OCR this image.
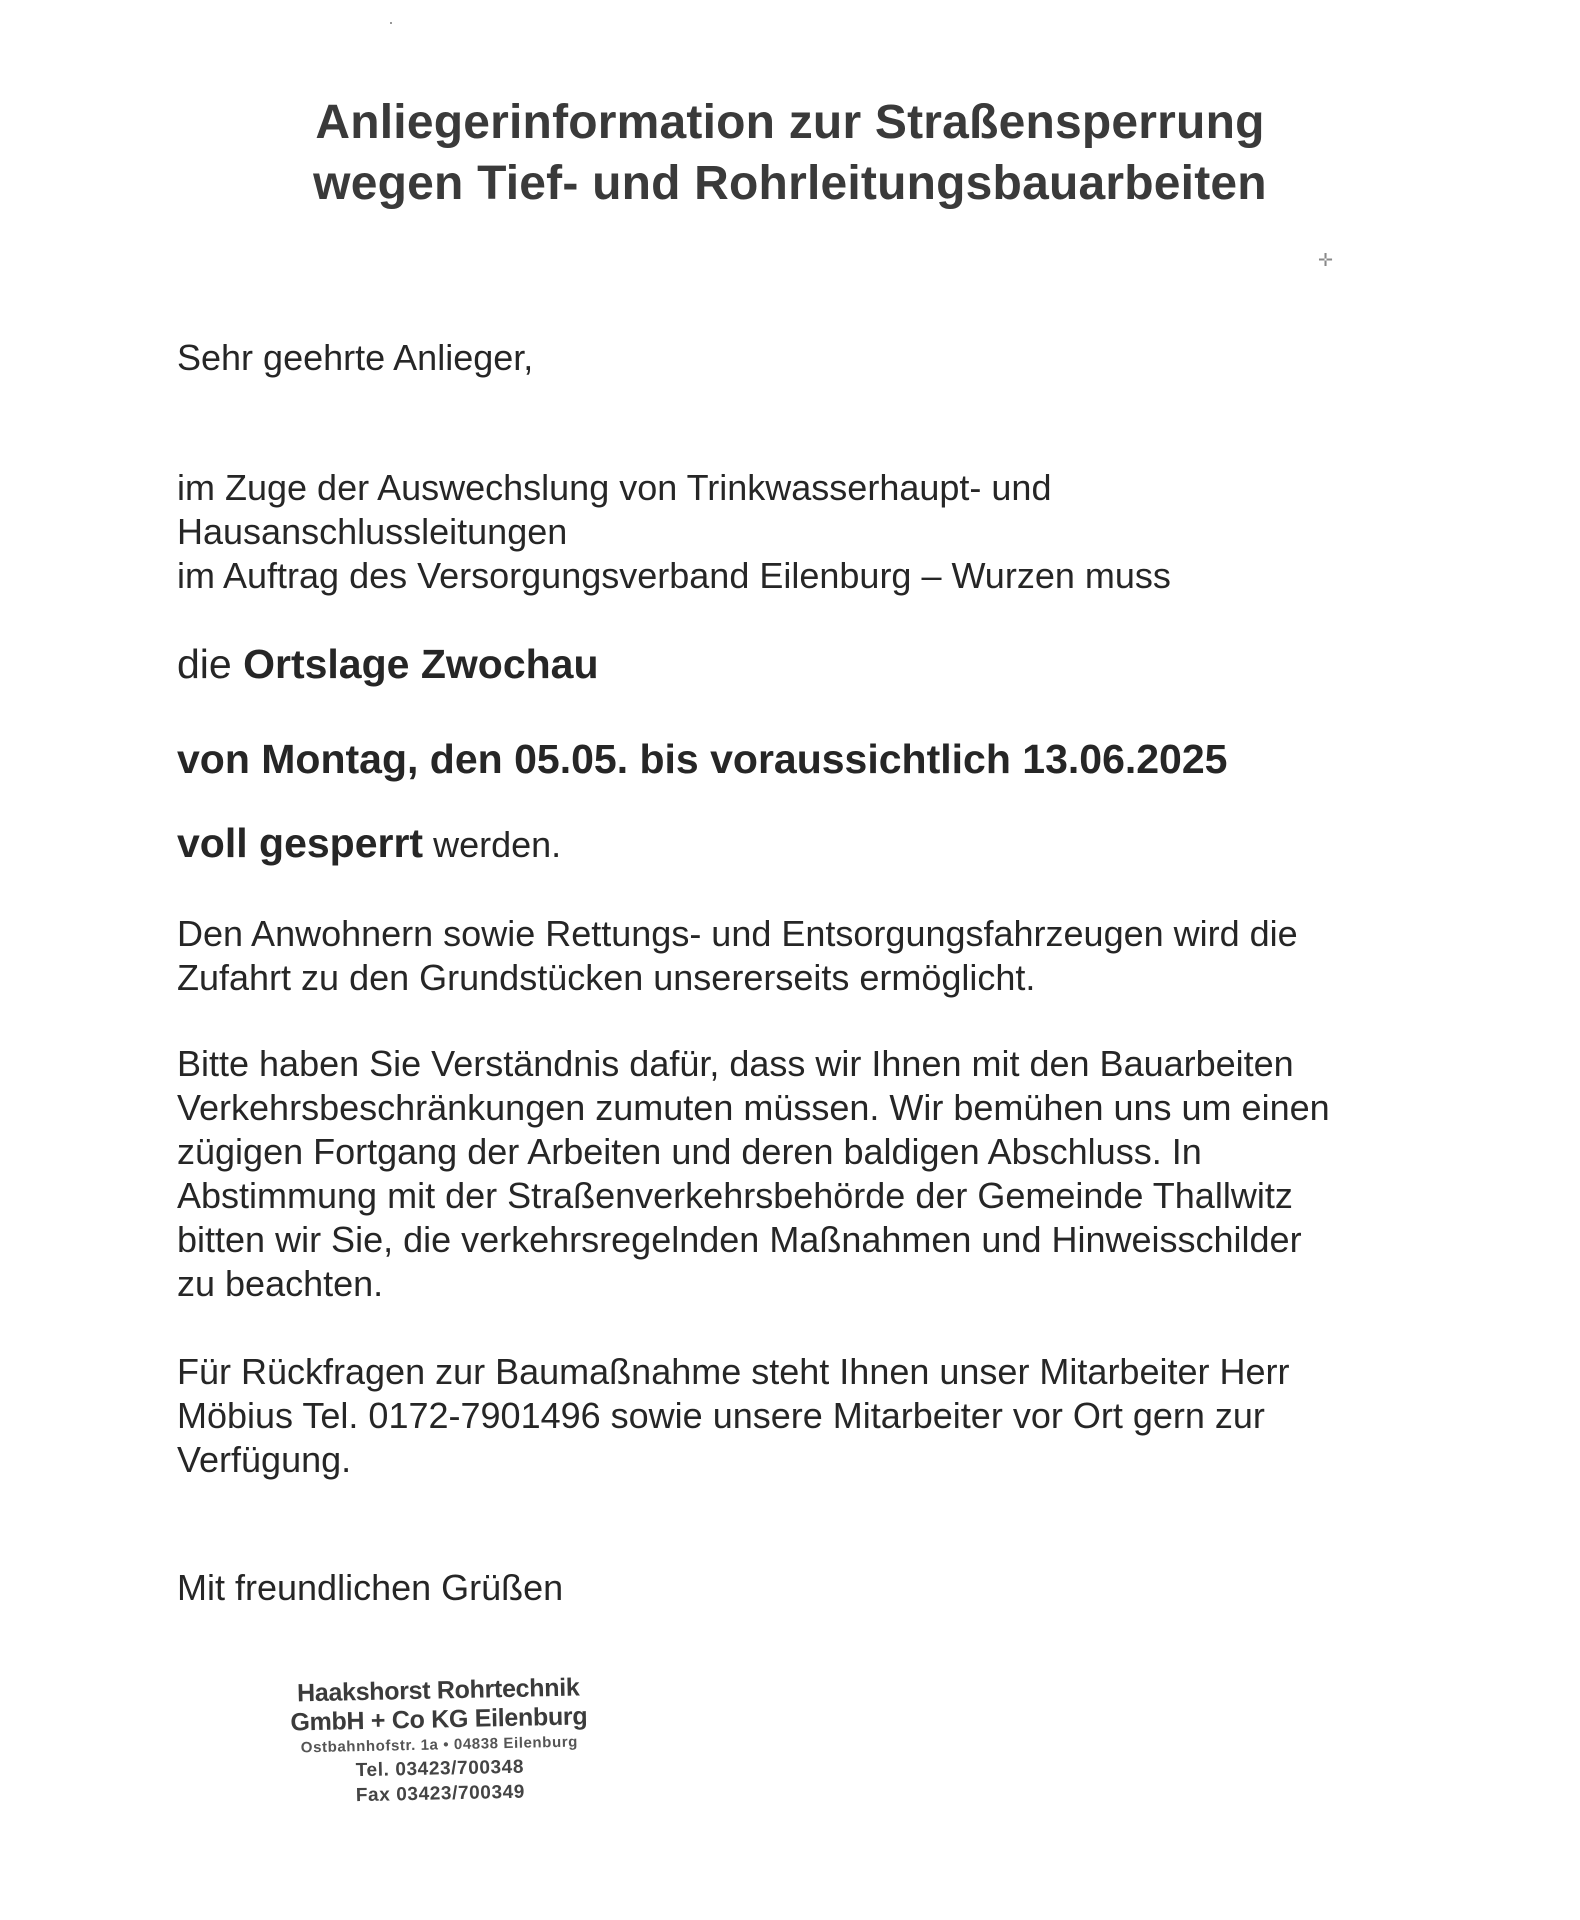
·
✛
Anliegerinformation zur Straßensperrung
wegen Tief- und Rohrleitungsbauarbeiten

Sehr geehrte Anlieger,

im Zuge der Auswechslung von Trinkwasserhaupt- und
Hausanschlussleitungen
im Auftrag des Versorgungsverband Eilenburg – Wurzen muss

die Ortslage Zwochau

von Montag, den 05.05. bis voraussichtlich 13.06.2025

voll gesperrt werden.

Den Anwohnern sowie Rettungs- und Entsorgungsfahrzeugen wird die
Zufahrt zu den Grundstücken unsererseits ermöglicht.

Bitte haben Sie Verständnis dafür, dass wir Ihnen mit den Bauarbeiten
Verkehrsbeschränkungen zumuten müssen. Wir bemühen uns um einen
zügigen Fortgang der Arbeiten und deren baldigen Abschluss. In
Abstimmung mit der Straßenverkehrsbehörde der Gemeinde Thallwitz
bitten wir Sie, die verkehrsregelnden Maßnahmen und Hinweisschilder
zu beachten.

Für Rückfragen zur Baumaßnahme steht Ihnen unser Mitarbeiter Herr
Möbius Tel. 0172-7901496 sowie unsere Mitarbeiter vor Ort gern zur
Verfügung.

Mit freundlichen Grüßen

Haakshorst Rohrtechnik
GmbH + Co KG Eilenburg
Ostbahnhofstr. 1a • 04838 Eilenburg
Tel. 03423/700348
Fax 03423/700349
